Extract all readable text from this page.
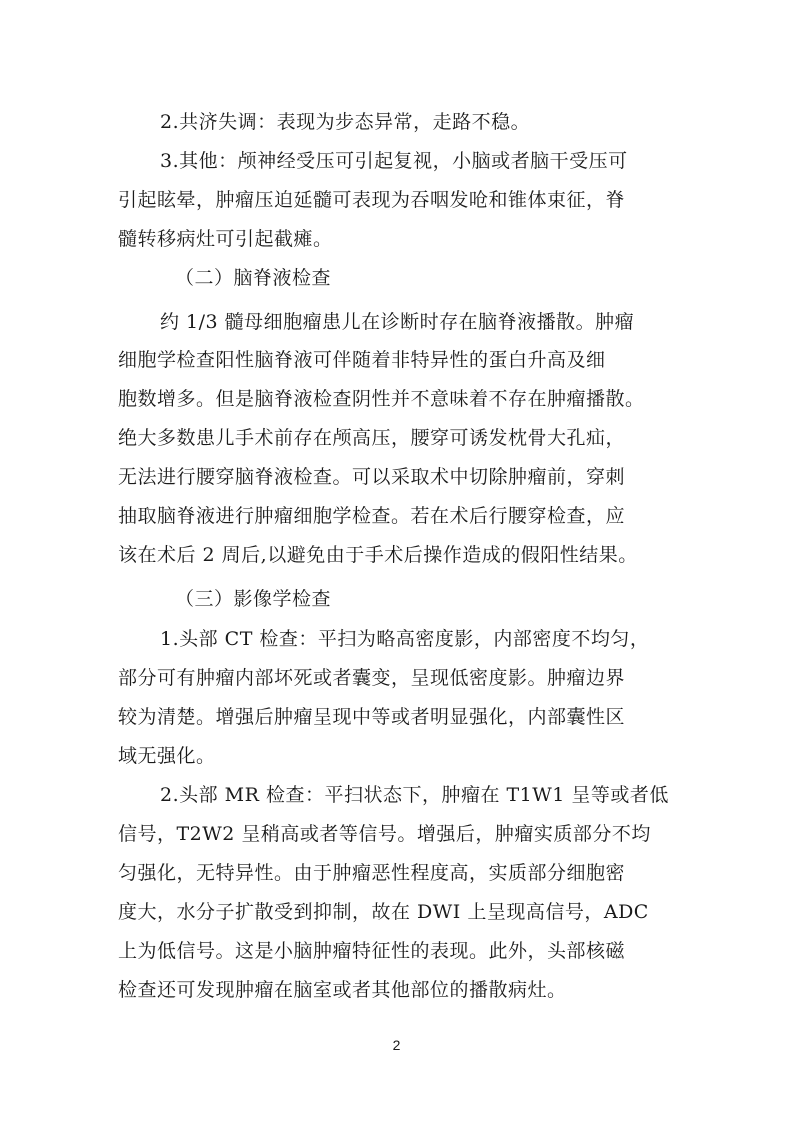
2.共济失调：表现为步态异常，走路不稳。
3.其他：颅神经受压可引起复视，小脑或者脑干受压可
引起眩晕，肿瘤压迫延髓可表现为吞咽发呛和锥体束征，脊
髓转移病灶可引起截瘫。
（二）脑脊液检查
约 1/3 髓母细胞瘤患儿在诊断时存在脑脊液播散。肿瘤
细胞学检查阳性脑脊液可伴随着非特异性的蛋白升高及细
胞数增多。但是脑脊液检查阴性并不意味着不存在肿瘤播散。
绝大多数患儿手术前存在颅高压，腰穿可诱发枕骨大孔疝，
无法进行腰穿脑脊液检查。可以采取术中切除肿瘤前，穿刺
抽取脑脊液进行肿瘤细胞学检查。若在术后行腰穿检查，应
该在术后 2 周后,以避免由于手术后操作造成的假阳性结果。
（三）影像学检查
1.头部 CT 检查：平扫为略高密度影，内部密度不均匀，
部分可有肿瘤内部坏死或者囊变，呈现低密度影。肿瘤边界
较为清楚。增强后肿瘤呈现中等或者明显强化，内部囊性区
域无强化。
2.头部 MR 检查：平扫状态下，肿瘤在 T1W1 呈等或者低
信号，T2W2 呈稍高或者等信号。增强后，肿瘤实质部分不均
匀强化，无特异性。由于肿瘤恶性程度高，实质部分细胞密
度大，水分子扩散受到抑制，故在 DWI 上呈现高信号，ADC
上为低信号。这是小脑肿瘤特征性的表现。此外，头部核磁
检查还可发现肿瘤在脑室或者其他部位的播散病灶。
2
